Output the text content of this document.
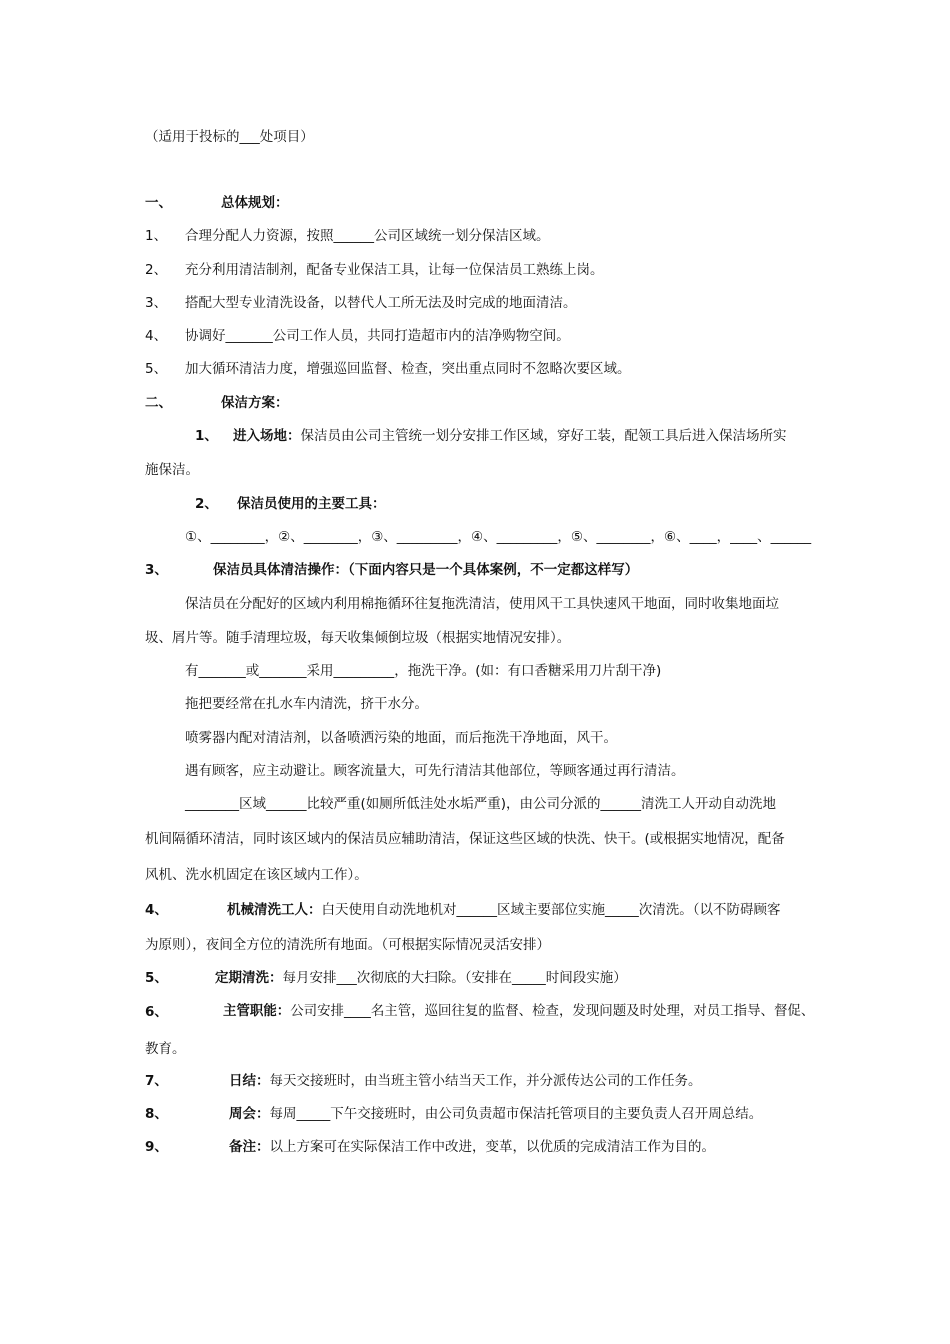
（适用于投标的___处项目）
一、	总体规划：
1、 合理分配人力资源，按照______公司区域统一划分保洁区域。
2、 充分利用清洁制剂，配备专业保洁工具，让每一位保洁员工熟练上岗。
3、 搭配大型专业清洗设备，以替代人工所无法及时完成的地面清洁。
4、 协调好_______公司工作人员，共同打造超市内的洁净购物空间。
5、 加大循环清洁力度，增强巡回监督、检查，突出重点同时不忽略次要区域。
二、	保洁方案：
1、 进入场地：保洁员由公司主管统一划分安排工作区域，穿好工装，配领工具后进入保洁场所实
施保洁。
2、 保洁员使用的主要工具：
①、________，②、________，③、_________，④、_________，⑤、________，⑥、____，____、______
3、	保洁员具体清洁操作：（下面内容只是一个具体案例，不一定都这样写）
保洁员在分配好的区域内利用棉拖循环往复拖洗清洁，使用风干工具快速风干地面，同时收集地面垃
圾、屑片等。随手清理垃圾，每天收集倾倒垃圾（根据实地情况安排）。
有_______或_______采用_________，拖洗干净。(如：有口香糖采用刀片刮干净)
拖把要经常在扎水车内清洗，挤干水分。
喷雾器内配对清洁剂，以备喷洒污染的地面，而后拖洗干净地面，风干。
遇有顾客，应主动避让。顾客流量大，可先行清洁其他部位，等顾客通过再行清洁。
________区域______比较严重(如厕所低洼处水垢严重)，由公司分派的______清洗工人开动自动洗地
机间隔循环清洁，同时该区域内的保洁员应辅助清洁，保证这些区域的快洗、快干。(或根据实地情况，配备
风机、洗水机固定在该区域内工作）。
4、	机械清洗工人：白天使用自动洗地机对______区域主要部位实施_____次清洗。（以不防碍顾客
为原则），夜间全方位的清洗所有地面。（可根据实际情况灵活安排）
5、	定期清洗：每月安排___次彻底的大扫除。（安排在_____时间段实施）
6、	主管职能：公司安排____名主管，巡回往复的监督、检查，发现问题及时处理，对员工指导、督促、
教育。
7、	日结：每天交接班时，由当班主管小结当天工作，并分派传达公司的工作任务。
8、	周会：每周_____下午交接班时，由公司负责超市保洁托管项目的主要负责人召开周总结。
9、	备注：以上方案可在实际保洁工作中改进，变革，以优质的完成清洁工作为目的。
